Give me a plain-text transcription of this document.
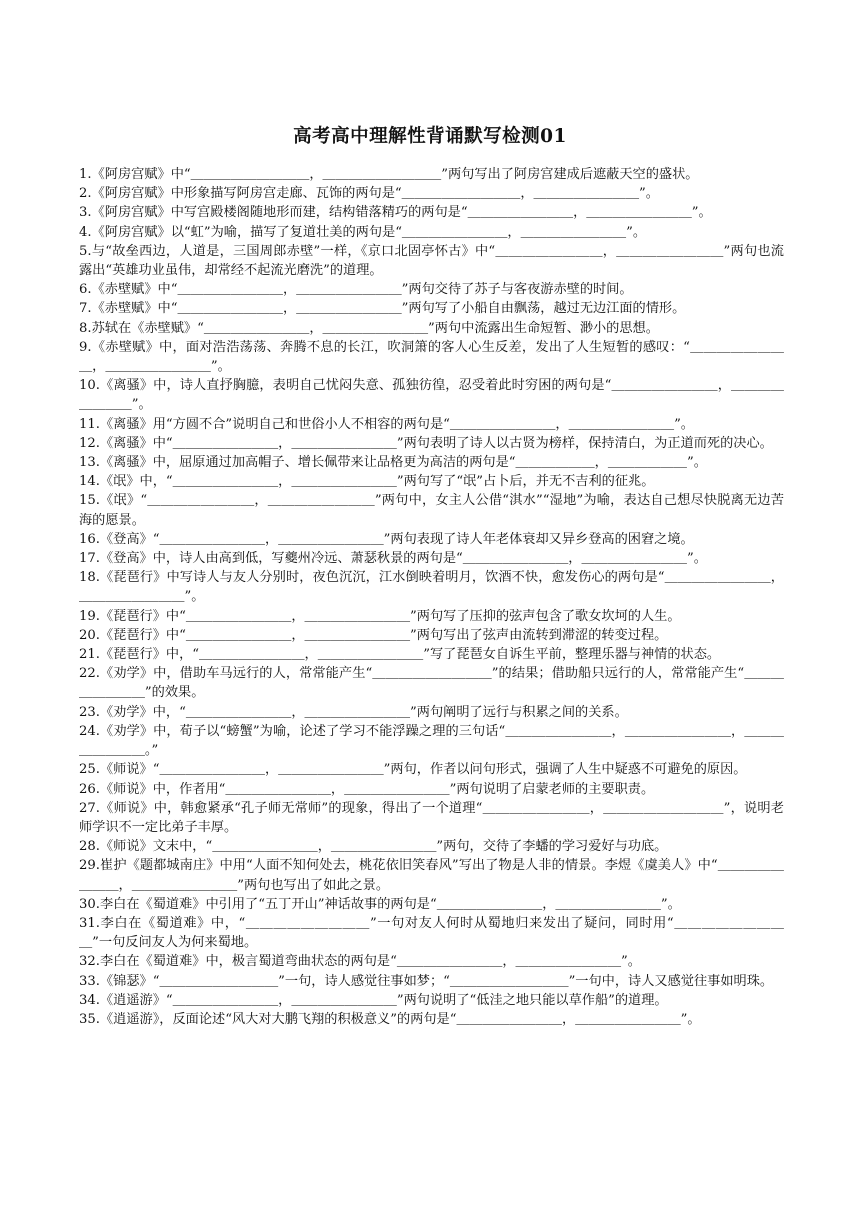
高考高中理解性背诵默写检测01

1.《阿房宫赋》中“＿＿＿＿＿＿＿＿＿，＿＿＿＿＿＿＿＿＿”两句写出了阿房宫建成后遮蔽天空的盛状。

2.《阿房宫赋》中形象描写阿房宫走廊、瓦饰的两句是“＿＿＿＿＿＿＿＿＿，＿＿＿＿＿＿＿＿”。

3.《阿房宫赋》中写宫殿楼阁随地形而建，结构错落精巧的两句是“＿＿＿＿＿＿＿＿，＿＿＿＿＿＿＿＿”。

4.《阿房宫赋》以“虹”为喻，描写了复道壮美的两句是“＿＿＿＿＿＿＿＿，＿＿＿＿＿＿＿＿”。

5.与“故垒西边，人道是，三国周郎赤壁”一样，《京口北固亭怀古》中“＿＿＿＿＿＿＿＿，＿＿＿＿＿＿＿＿”两句也流露出“英雄功业虽伟，却常经不起流光磨洗”的道理。

6.《赤壁赋》中“＿＿＿＿＿＿＿＿，＿＿＿＿＿＿＿＿”两句交待了苏子与客夜游赤壁的时间。

7.《赤壁赋》中“＿＿＿＿＿＿＿＿，＿＿＿＿＿＿＿＿”两句写了小船自由飘荡，越过无边江面的情形。

8.苏轼在《赤壁赋》“＿＿＿＿＿＿＿＿，＿＿＿＿＿＿＿＿”两句中流露出生命短暂、渺小的思想。

9.《赤壁赋》中，面对浩浩荡荡、奔腾不息的长江，吹洞箫的客人心生反差，发出了人生短暂的感叹：“＿＿＿＿＿＿＿＿，＿＿＿＿＿＿＿＿”。

10.《离骚》中，诗人直抒胸臆，表明自己忧闷失意、孤独彷徨，忍受着此时穷困的两句是“＿＿＿＿＿＿＿＿，＿＿＿＿＿＿＿＿”。

11.《离骚》用“方圆不合”说明自己和世俗小人不相容的两句是“＿＿＿＿＿＿＿＿，＿＿＿＿＿＿＿＿”。

12.《离骚》中“＿＿＿＿＿＿＿＿，＿＿＿＿＿＿＿＿”两句表明了诗人以古贤为榜样，保持清白，为正道而死的决心。

13.《离骚》中，屈原通过加高帽子、增长佩带来让品格更为高洁的两句是“＿＿＿＿＿＿，＿＿＿＿＿＿”。

14.《氓》中，“＿＿＿＿＿＿＿＿，＿＿＿＿＿＿＿＿”两句写了“氓”占卜后，并无不吉利的征兆。

15.《氓》“＿＿＿＿＿＿＿＿，＿＿＿＿＿＿＿＿”两句中，女主人公借“淇水”“湿地”为喻，表达自己想尽快脱离无边苦海的愿景。

16.《登高》“＿＿＿＿＿＿＿＿，＿＿＿＿＿＿＿＿”两句表现了诗人年老体衰却又异乡登高的困窘之境。

17.《登高》中，诗人由高到低，写夔州冷远、萧瑟秋景的两句是“＿＿＿＿＿＿＿＿，＿＿＿＿＿＿＿＿”。

18.《琵琶行》中写诗人与友人分别时，夜色沉沉，江水倒映着明月，饮酒不快，愈发伤心的两句是“＿＿＿＿＿＿＿＿，＿＿＿＿＿＿＿＿”。

19.《琵琶行》中“＿＿＿＿＿＿＿＿，＿＿＿＿＿＿＿＿”两句写了压抑的弦声包含了歌女坎坷的人生。

20.《琵琶行》中“＿＿＿＿＿＿＿＿，＿＿＿＿＿＿＿＿”两句写出了弦声由流转到滞涩的转变过程。

21.《琵琶行》中，“＿＿＿＿＿＿＿＿，＿＿＿＿＿＿＿＿”写了琵琶女自诉生平前，整理乐器与神情的状态。

22.《劝学》中，借助车马远行的人，常常能产生“＿＿＿＿＿＿＿＿＿”的结果；借助船只远行的人，常常能产生“＿＿＿＿＿＿＿＿”的效果。

23.《劝学》中，“＿＿＿＿＿＿＿＿，＿＿＿＿＿＿＿＿”两句阐明了远行与积累之间的关系。

24.《劝学》中，荀子以“螃蟹”为喻，论述了学习不能浮躁之理的三句话“＿＿＿＿＿＿＿＿，＿＿＿＿＿＿＿＿，＿＿＿＿＿＿＿＿。”

25.《师说》“＿＿＿＿＿＿＿＿，＿＿＿＿＿＿＿＿”两句，作者以问句形式，强调了人生中疑惑不可避免的原因。

26.《师说》中，作者用“＿＿＿＿＿＿＿＿，＿＿＿＿＿＿＿＿”两句说明了启蒙老师的主要职责。

27.《师说》中，韩愈紧承“孔子师无常师”的现象，得出了一个道理“＿＿＿＿＿＿＿＿，＿＿＿＿＿＿＿＿＿”，说明老师学识不一定比弟子丰厚。

28.《师说》文末中，“＿＿＿＿＿＿＿＿，＿＿＿＿＿＿＿＿”两句，交待了李蟠的学习爱好与功底。

29.崔护《题都城南庄》中用“人面不知何处去，桃花依旧笑春风”写出了物是人非的情景。李煜《虞美人》中“＿＿＿＿＿＿＿＿，＿＿＿＿＿＿＿＿”两句也写出了如此之景。

30.李白在《蜀道难》中引用了“五丁开山”神话故事的两句是“＿＿＿＿＿＿＿＿，＿＿＿＿＿＿＿＿”。

31.李白在《蜀道难》中，“＿＿＿＿＿＿＿＿＿”一句对友人何时从蜀地归来发出了疑问，同时用“＿＿＿＿＿＿＿＿＿”一句反问友人为何来蜀地。

32.李白在《蜀道难》中，极言蜀道弯曲状态的两句是“＿＿＿＿＿＿＿＿，＿＿＿＿＿＿＿＿”。

33.《锦瑟》“＿＿＿＿＿＿＿＿＿”一句，诗人感觉往事如梦；“＿＿＿＿＿＿＿＿＿”一句中，诗人又感觉往事如明珠。

34.《逍遥游》“＿＿＿＿＿＿＿＿，＿＿＿＿＿＿＿＿”两句说明了“低洼之地只能以草作船”的道理。

35.《逍遥游》，反面论述“风大对大鹏飞翔的积极意义”的两句是“＿＿＿＿＿＿＿＿，＿＿＿＿＿＿＿＿”。
